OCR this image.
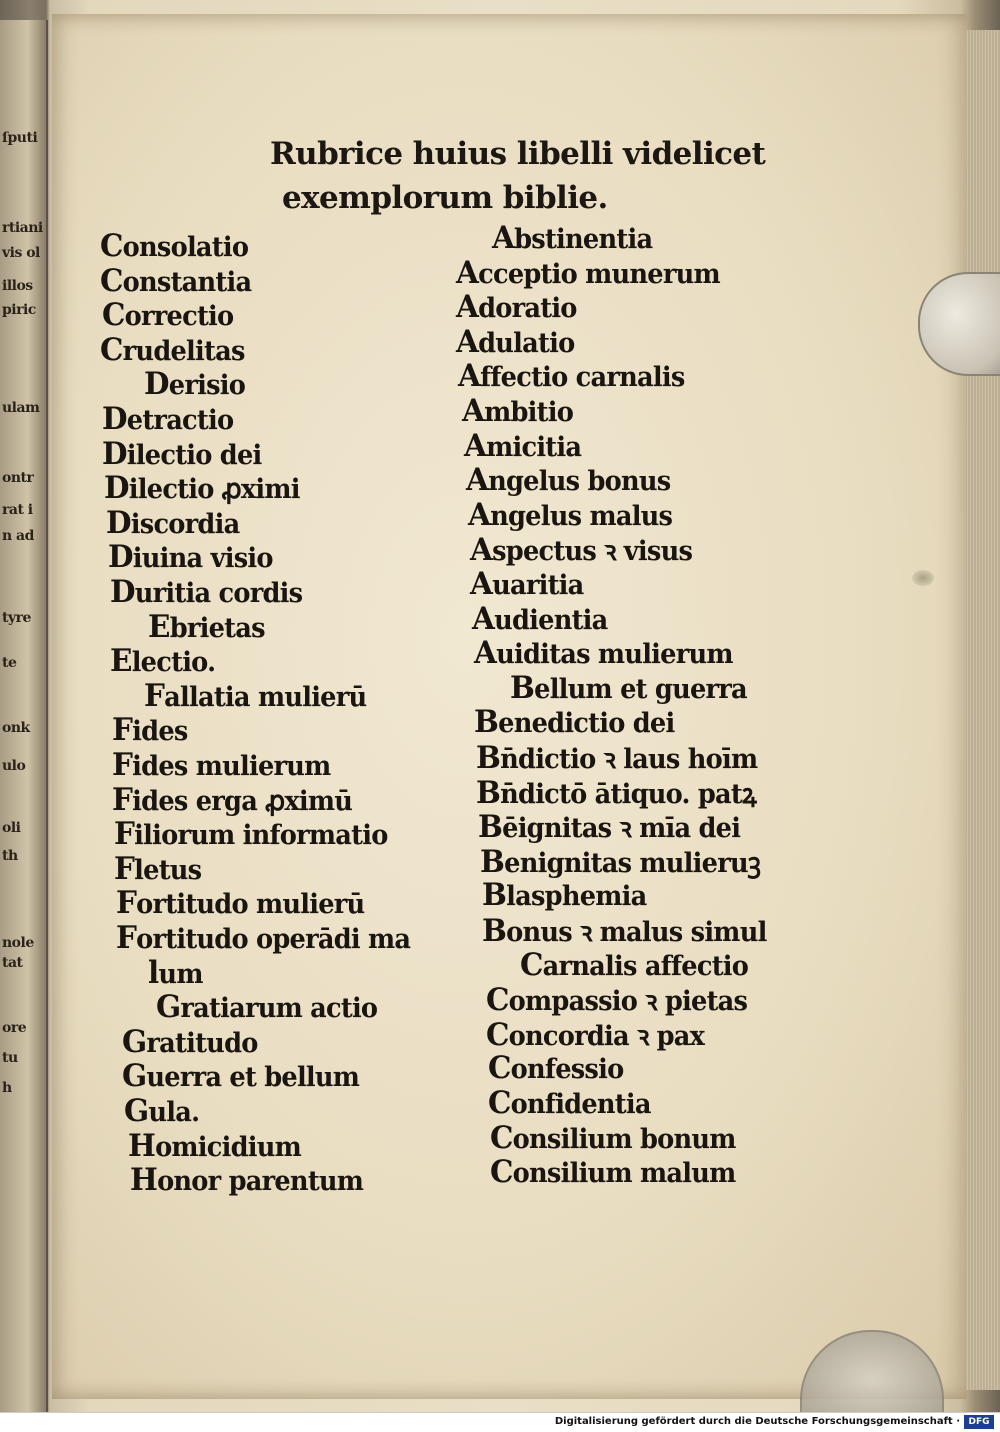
ſputi
rtiani
vis ol
illos
piric
ulam
ontr
rat i
n ad
tyre
te
onk
ulo
oli
th
nole
tat
ore
tu
h
Rubrice huius libelli videlicet
exemplorum biblie.
Consolatio
Constantia
Correctio
Crudelitas
Derisio
Detractio
Dilectio dei
Dilectio ꝓximi
Discordia
Diuina visio
Duritia cordis
Ebrietas
Electio.
Fallatia mulierū
Fides
Fides mulierum
Fides erga ꝓximū
Filiorum informatio
Fletus
Fortitudo mulierū
Fortitudo operādi ma
lum
Gratiarum actio
Gratitudo
Guerra et bellum
Gula.
Homicidium
Honor parentum
Abstinentia
Acceptio munerum
Adoratio
Adulatio
Affectio carnalis
Ambitio
Amicitia
Angelus bonus
Angelus malus
Aspectus ꝛ visus
Auaritia
Audientia
Auiditas mulierum
Bellum et guerra
Benedictio dei
Bn̄dictio ꝛ laus hoīm
Bn̄dictō ātiquo. patꝝ
Bēignitas ꝛ mīa dei
Benignitas mulieruꝫ
Blasphemia
Bonus ꝛ malus simul
Carnalis affectio
Compassio ꝛ pietas
Concordia ꝛ pax
Confessio
Confidentia
Consilium bonum
Consilium malum
Digitalisierung gefördert durch die Deutsche Forschungsgemeinschaft · DFG
